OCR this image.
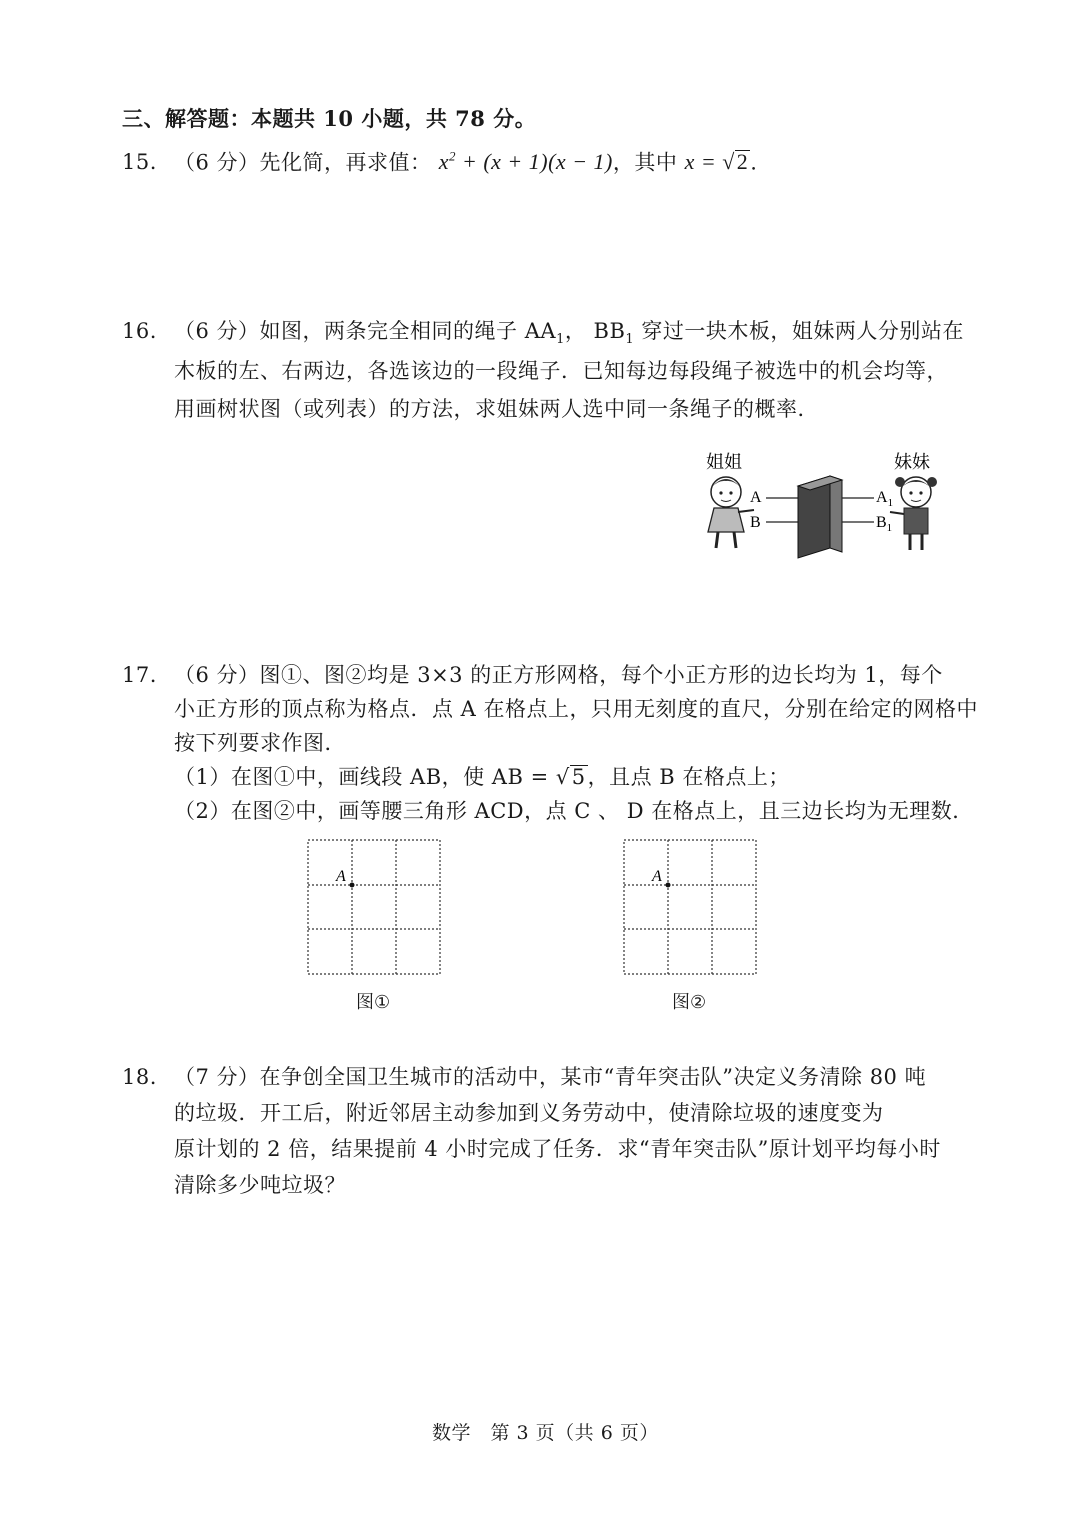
三、解答题：本题共 10 小题，共 78 分。
15. （6 分）先化简，再求值： $x^2 + (x + 1)(x - 1)$，其中 x = √2.
16. （6 分）如图，两条完全相同的绳子 $AA_1$， $BB_1$ 穿过一块木板，姐妹两人分别站在
木板的左、右两边，各选该边的一段绳子．已知每边每段绳子被选中的机会均等，
用画树状图（或列表）的方法，求姐妹两人选中同一条绳子的概率．
姐姐	妹妹
A
B
$A_1$
$B_1$
17. （6 分）图①、图②均是 3×3 的正方形网格，每个小正方形的边长均为 1，每个
小正方形的顶点称为格点．点 A 在格点上，只用无刻度的直尺，分别在给定的网格中
按下列要求作图．
（1）在图①中，画线段 AB，使 AB = √5，且点 B 在格点上；
（2）在图②中，画等腰三角形 ACD，点 C 、 D 在格点上，且三边长均为无理数．
A
图①
A
图②
18. （7 分）在争创全国卫生城市的活动中，某市“青年突击队”决定义务清除 80 吨
的垃圾．开工后，附近邻居主动参加到义务劳动中，使清除垃圾的速度变为
原计划的 2 倍，结果提前 4 小时完成了任务．求“青年突击队”原计划平均每小时
清除多少吨垃圾？
数学　第 3 页（共 6 页）
